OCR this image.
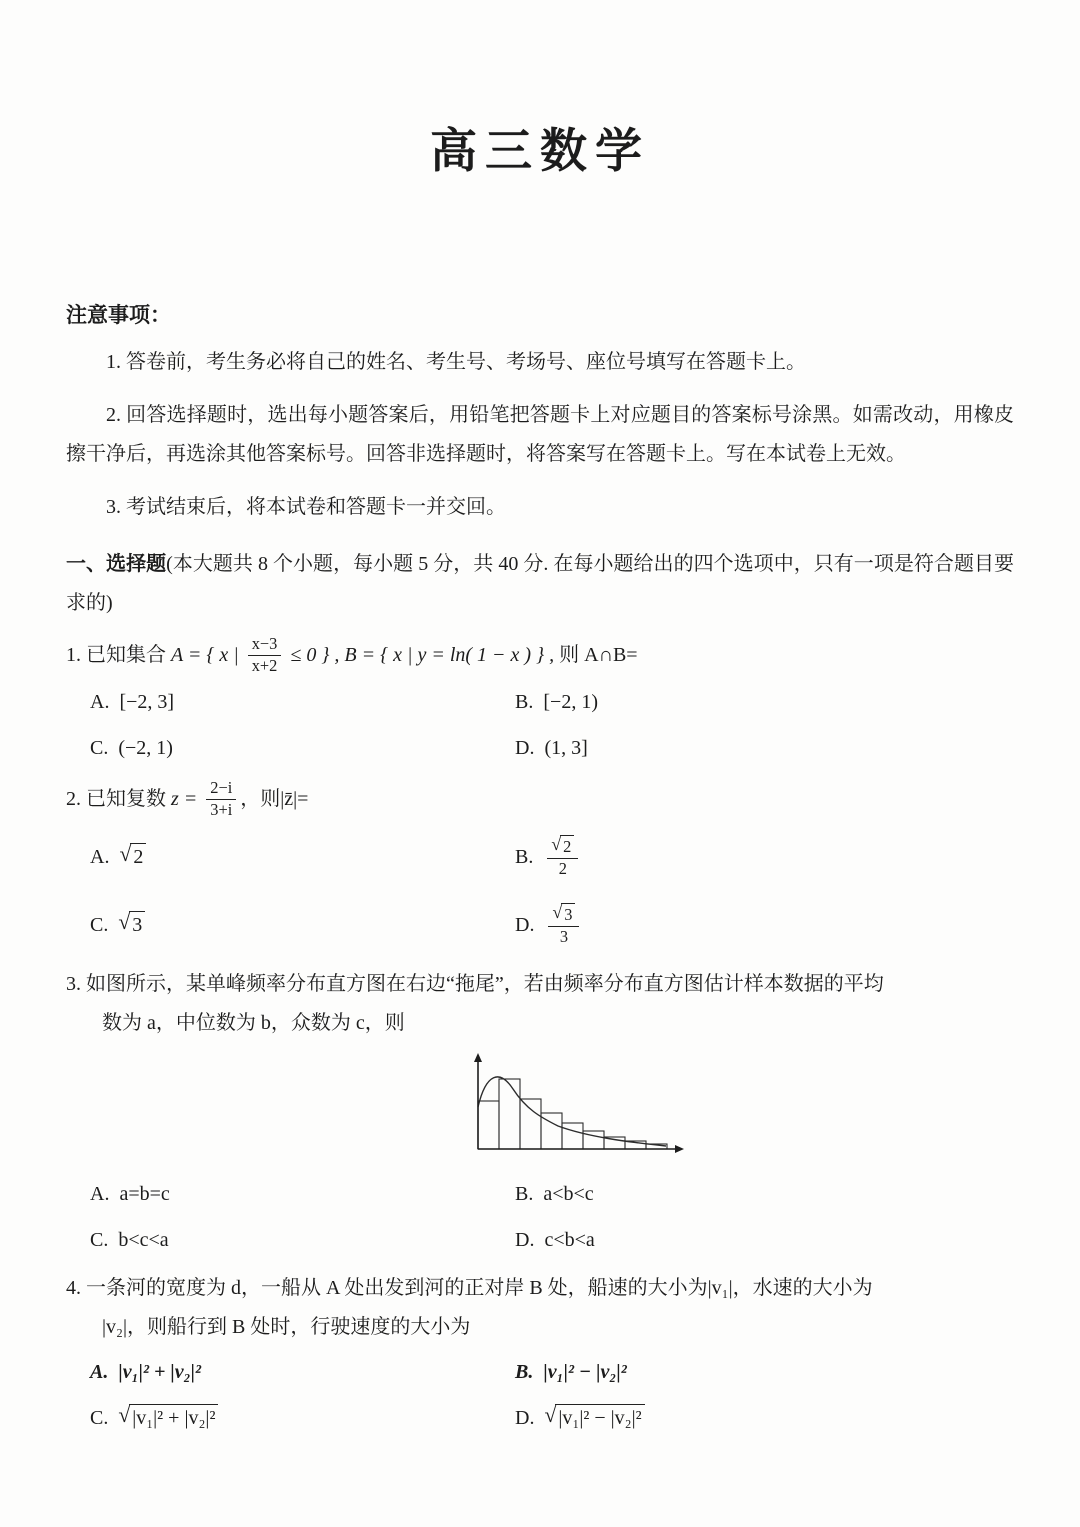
高三数学
注意事项：

1. 答卷前，考生务必将自己的姓名、考生号、考场号、座位号填写在答题卡上。

2. 回答选择题时，选出每小题答案后，用铅笔把答题卡上对应题目的答案标号涂黑。如需改动，用橡皮擦干净后，再选涂其他答案标号。回答非选择题时，将答案写在答题卡上。写在本试卷上无效。

3. 考试结束后，将本试卷和答题卡一并交回。

一、选择题(本大题共 8 个小题，每小题 5 分，共 40 分. 在每小题给出的四个选项中，只有一项是符合题目要求的)

1. 已知集合 A = { x | $\frac{x-3}{x+2} \le 0$ } , B = { x | y = ln( 1 − x ) } , 则 A∩B=
A. [−2, 3]	B. [−2, 1)
C. (−2, 1)	D. (1, 3]
2. 已知复数 $z = \frac{2-i}{3+i}$ ，则|z̄|=
A. √ 2	B. $\frac{√ 2}{2}$
C. √ 3	D. $\frac{√ 3}{3}$
3. 如图所示，某单峰频率分布直方图在右边“拖尾”，若由频率分布直方图估计样本数据的平均
数为 a，中位数为 b，众数为 c，则
A. a=b=c	B. a<b<c
C. b<c<a	D. c<b<a
4. 一条河的宽度为 d，一船从 A 处出发到河的正对岸 B 处，船速的大小为|v₁|，水速的大小为
|v₂|，则船行到 B 处时，行驶速度的大小为
A. |v₁|² + |v₂|²	B. |v₁|² − |v₂|²
C. √ |v₁|² + |v₂|²	D. √ |v₁|² − |v₂|²
